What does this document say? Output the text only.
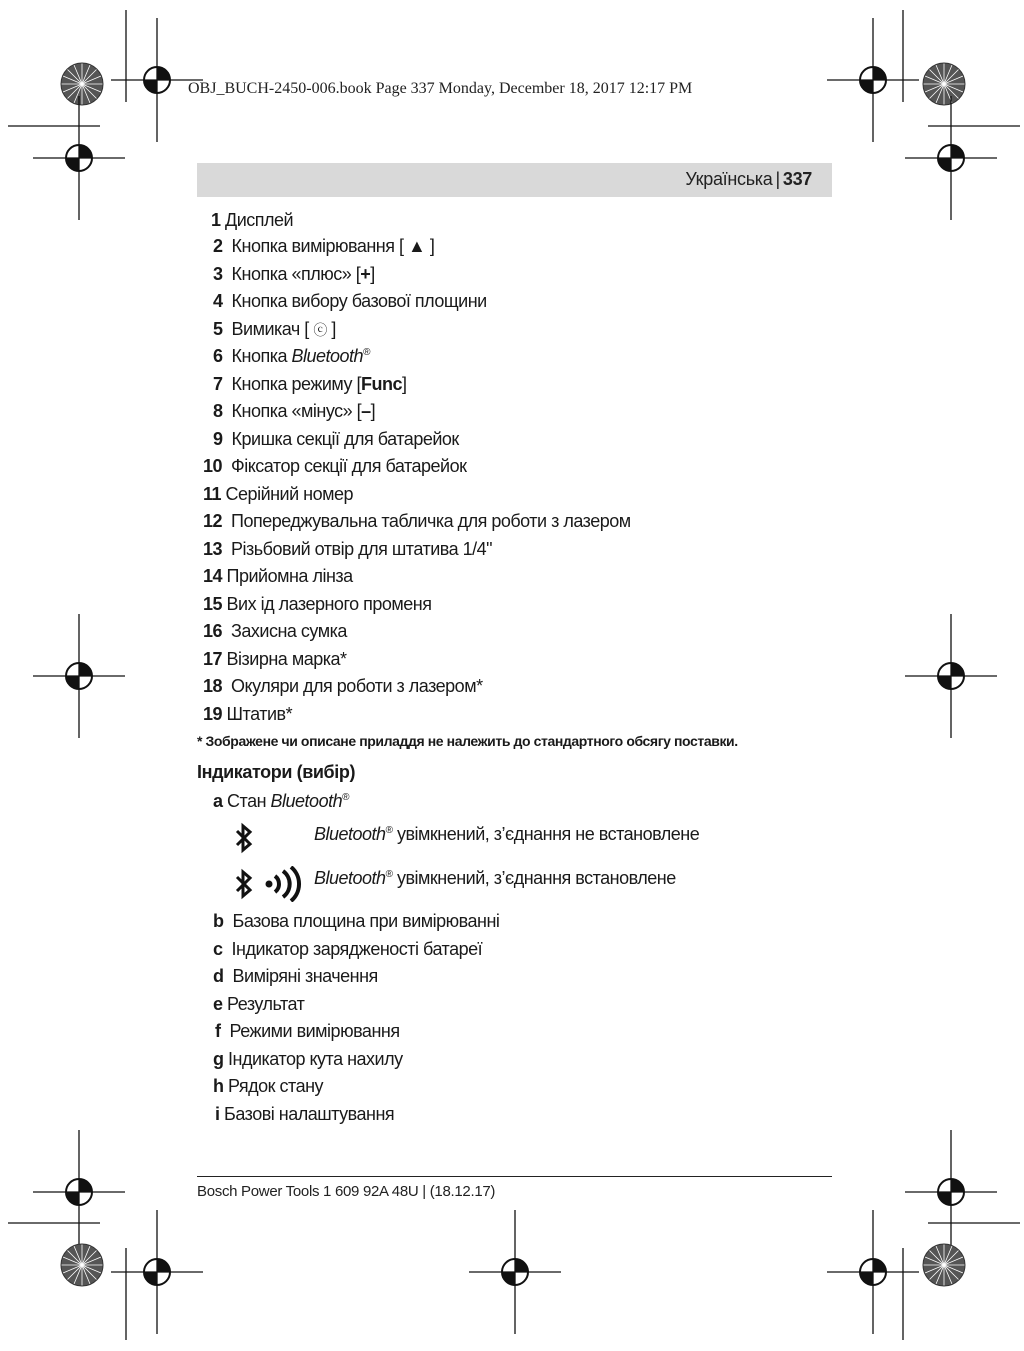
OBJ_BUCH-2450-006.book Page 337 Monday, December 18, 2017 12:17 PM
Українська | 337
1 Дисплей
2 Кнопка вимірювання [ ▲ ]
3 Кнопка «плюс» [+]
4 Кнопка вибору базової площини
5 Вимикач [ ⓒ ]
6 Кнопка Bluetooth®
7 Кнопка режиму [Func]
8 Кнопка «мінус» [–]
9 Кришка секції для батарейок
10 Фіксатор секції для батарейок
11 Серійний номер
12 Попереджувальна табличка для роботи з лазером
13 Різьбовий отвір для штатива 1/4"
14 Прийомна лінза
15 Вих ід лазерного променя
16 Захисна сумка
17 Візирна марка*
18 Окуляри для роботи з лазером*
19 Штатив*
* Зображене чи описане приладдя не належить до стандартного обсягу поставки.
Індикатори (вибір)
a Стан Bluetooth®
Bluetooth® увімкнений, з’єднання не встановлене
Bluetooth® увімкнений, з’єднання встановлене
b Базова площина при вимірюванні
c Індикатор зарядженості батареї
d Виміряні значення
e Результат
f Режими вимірювання
g Індикатор кута нахилу
h Рядок стану
i Базові налаштування
Bosch Power Tools 1 609 92A 48U | (18.12.17)
